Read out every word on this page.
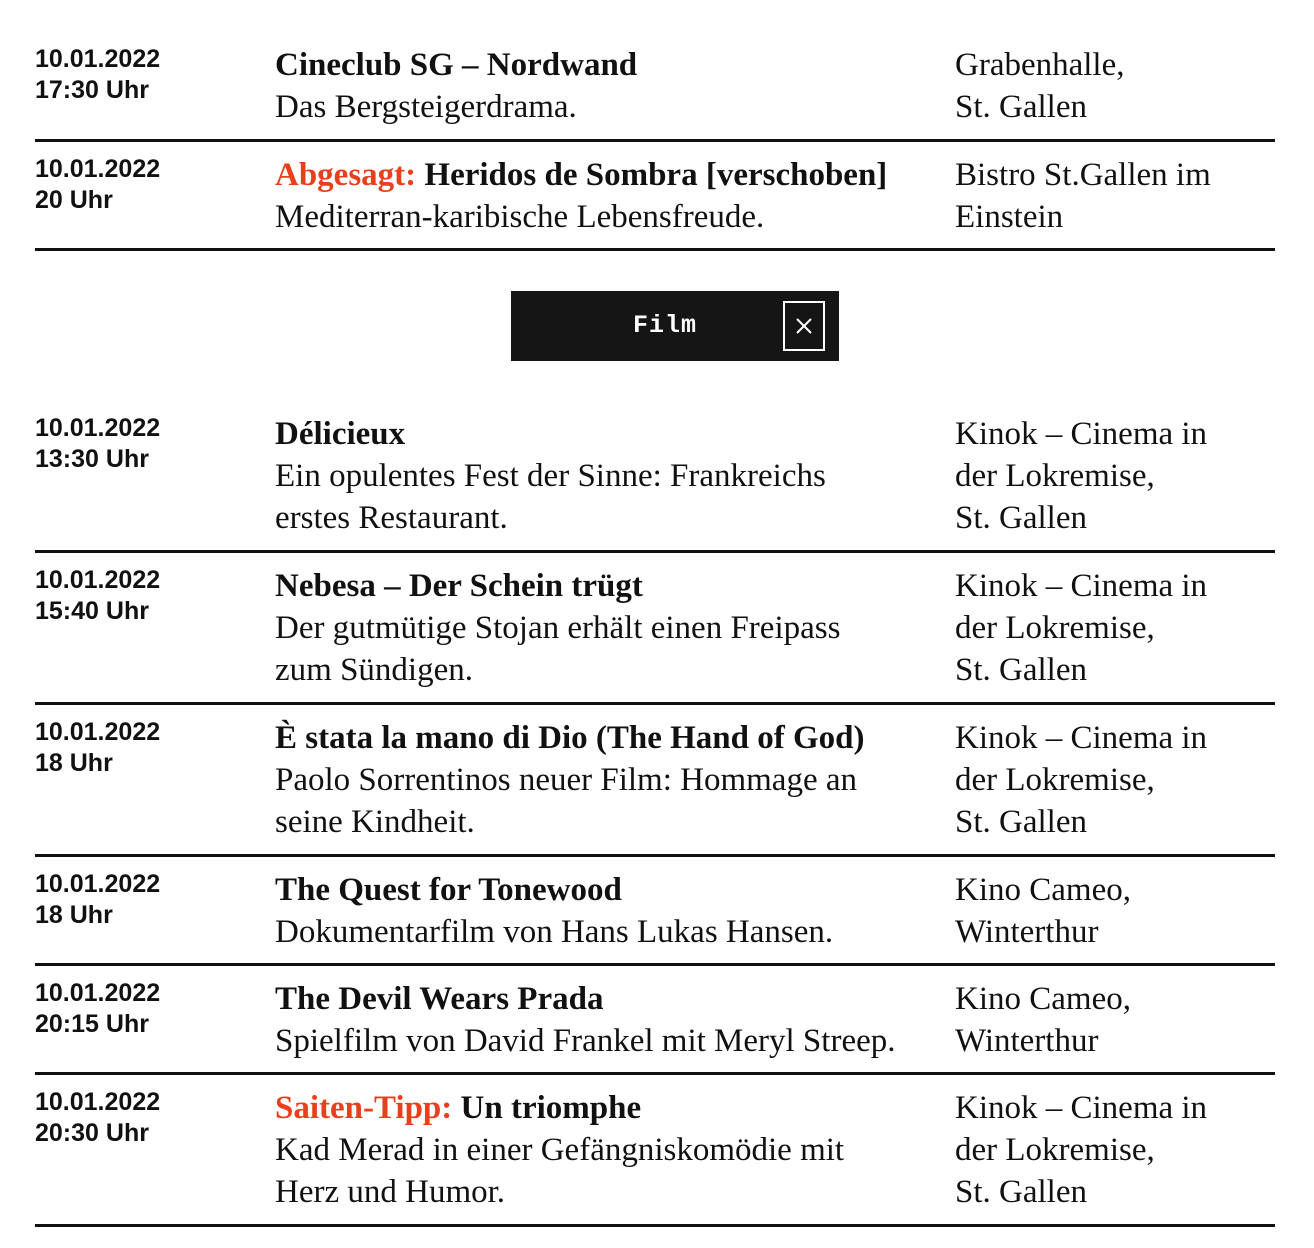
10.01.2022
17:30 Uhr
Cineclub SG – Nordwand
Das Bergsteigerdrama.
Grabenhalle,
St. Gallen
10.01.2022
20 Uhr
Abgesagt: Heridos de Sombra [verschoben]
Mediterran-karibische Lebensfreude.
Bistro St.Gallen im
Einstein
Film
10.01.2022
13:30 Uhr
Délicieux
Ein opulentes Fest der Sinne: Frankreichs
erstes Restaurant.
Kinok – Cinema in
der Lokremise,
St. Gallen
10.01.2022
15:40 Uhr
Nebesa – Der Schein trügt
Der gutmütige Stojan erhält einen Freipass
zum Sündigen.
Kinok – Cinema in
der Lokremise,
St. Gallen
10.01.2022
18 Uhr
È stata la mano di Dio (The Hand of God)
Paolo Sorrentinos neuer Film: Hommage an
seine Kindheit.
Kinok – Cinema in
der Lokremise,
St. Gallen
10.01.2022
18 Uhr
The Quest for Tonewood
Dokumentarfilm von Hans Lukas Hansen.
Kino Cameo,
Winterthur
10.01.2022
20:15 Uhr
The Devil Wears Prada
Spielfilm von David Frankel mit Meryl Streep.
Kino Cameo,
Winterthur
10.01.2022
20:30 Uhr
Saiten-Tipp: Un triomphe
Kad Merad in einer Gefängniskomödie mit
Herz und Humor.
Kinok – Cinema in
der Lokremise,
St. Gallen
